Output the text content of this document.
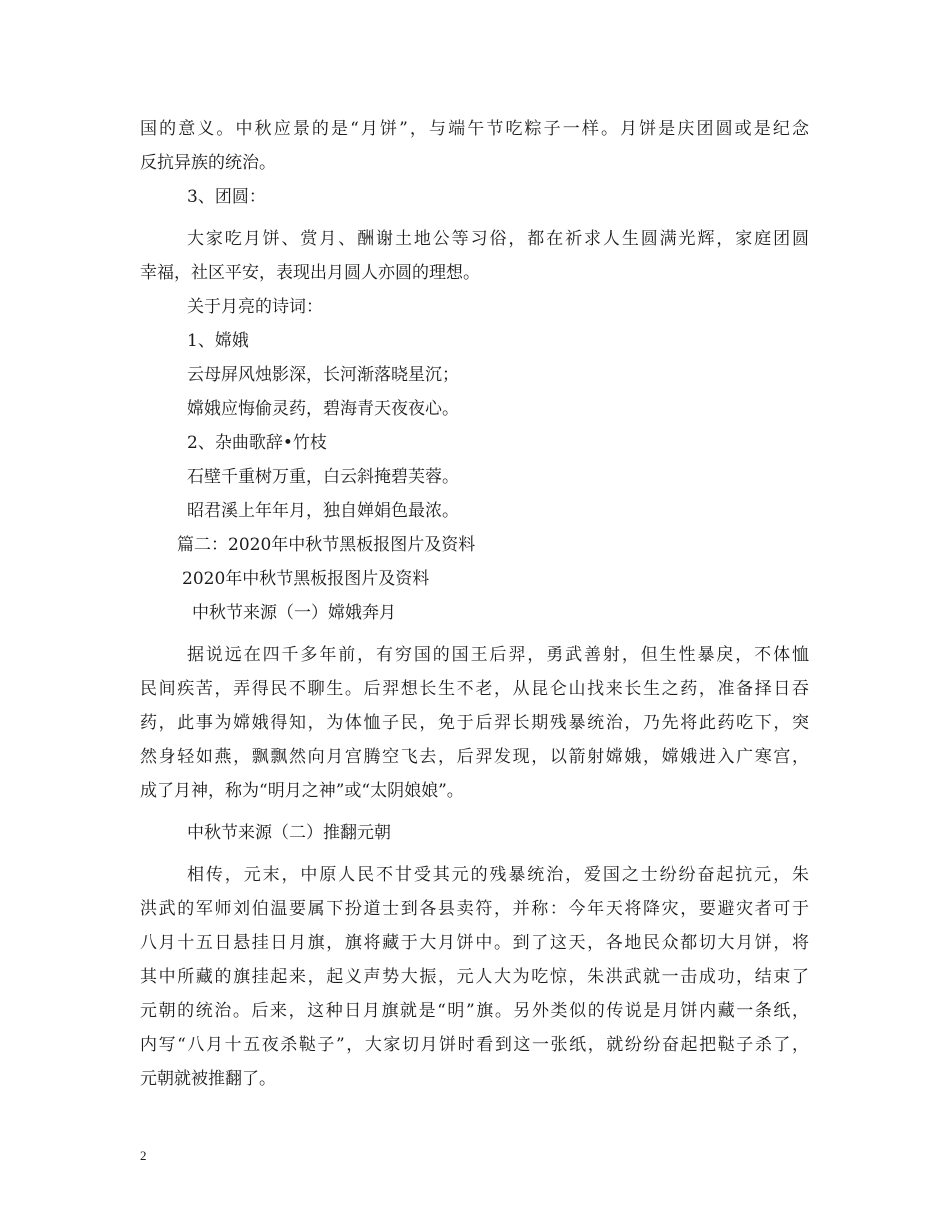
国的意义。中秋应景的是“月饼”，与端午节吃粽子一样。月饼是庆团圆或是纪念
反抗异族的统治。
3、团圆：
大家吃月饼、赏月、酬谢土地公等习俗，都在祈求人生圆满光辉，家庭团圆
幸福，社区平安，表现出月圆人亦圆的理想。
关于月亮的诗词：
1、嫦娥
云母屏风烛影深，长河渐落晓星沉；
嫦娥应悔偷灵药，碧海青天夜夜心。
2、杂曲歌辞•竹枝
石壁千重树万重，白云斜掩碧芙蓉。
昭君溪上年年月，独自婵娟色最浓。
篇二：2020年中秋节黑板报图片及资料
2020年中秋节黑板报图片及资料
中秋节来源（一）嫦娥奔月
据说远在四千多年前，有穷国的国王后羿，勇武善射，但生性暴戾，不体恤
民间疾苦，弄得民不聊生。后羿想长生不老，从昆仑山找来长生之药，准备择日吞
药，此事为嫦娥得知，为体恤子民，免于后羿长期残暴统治，乃先将此药吃下，突
然身轻如燕，飘飘然向月宫腾空飞去，后羿发现，以箭射嫦娥，嫦娥进入广寒宫，
成了月神，称为“明月之神”或“太阴娘娘”。
中秋节来源（二）推翻元朝
相传，元末，中原人民不甘受其元的残暴统治，爱国之士纷纷奋起抗元，朱
洪武的军师刘伯温要属下扮道士到各县卖符，并称：今年天将降灾，要避灾者可于
八月十五日悬挂日月旗，旗将藏于大月饼中。到了这天，各地民众都切大月饼，将
其中所藏的旗挂起来，起义声势大振，元人大为吃惊，朱洪武就一击成功，结束了
元朝的统治。后来，这种日月旗就是“明”旗。另外类似的传说是月饼内藏一条纸，
内写“八月十五夜杀鞑子”，大家切月饼时看到这一张纸，就纷纷奋起把鞑子杀了，
元朝就被推翻了。
2
